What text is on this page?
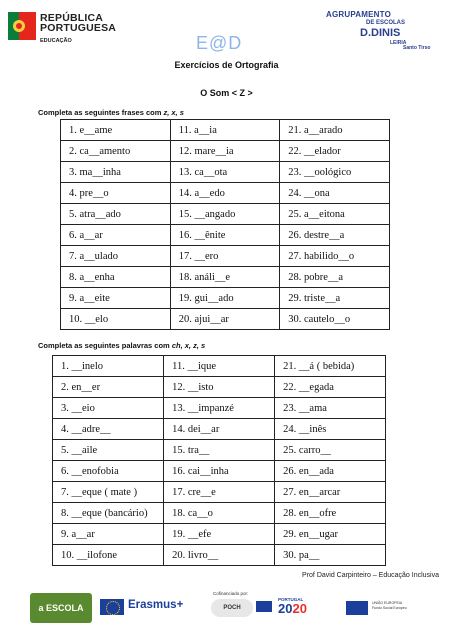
REPÚBLICA
PORTUGUESA
EDUCAÇÃO	E@D
AGRUPAMENTO
DE ESCOLAS
D.DINIS
LEIRIA
Santo Tirso
Exercícios de Ortografia
O Som < Z >
Completa as seguintes frases com z, x, s
1. e__ame	11. a__ia	21. a__arado
2. ca__amento	12. mare__ia	22. __elador
3. ma__inha	13. ca__ota	23. __oológico
4. pre__o	14. a__edo	24. __ona
5. atra__ado	15. __angado	25. a__eitona
6. a__ar	16. __ênite	26. destre__a
7. a__ulado	17. __ero	27. habilido__o
8. a__enha	18. análi__e	28. pobre__a
9. a__eite	19. gui__ado	29. triste__a
10. __elo	20. ajui__ar	30. cautelo__o
Completa as seguintes palavras com ch, x, z, s
1. __inelo	11. __ique	21. __á ( bebida)
2. en__er	12. __isto	22. __egada
3. __eio	13. __impanzé	23. __ama
4. __adre__	14. dei__ar	24. __inês
5. __aile	15. tra__	25. carro__
6. __enofobia	16. cai__inha	26. en__ada
7. __eque ( mate )	17. cre__e	27. en__arcar
8. __eque (bancário)	18. ca__o	28. en__ofre
9. a__ar	19. __efe	29. en__ugar
10. __ilofone	20. livro__	30. pa__
Prof David Carpinteiro – Educação Inclusiva
a ESCOLA	Erasmus+
Cofinanciado por:
POCH
PORTUGAL
2020	UNIÃO EUROPEIA Fundo Social Europeu
